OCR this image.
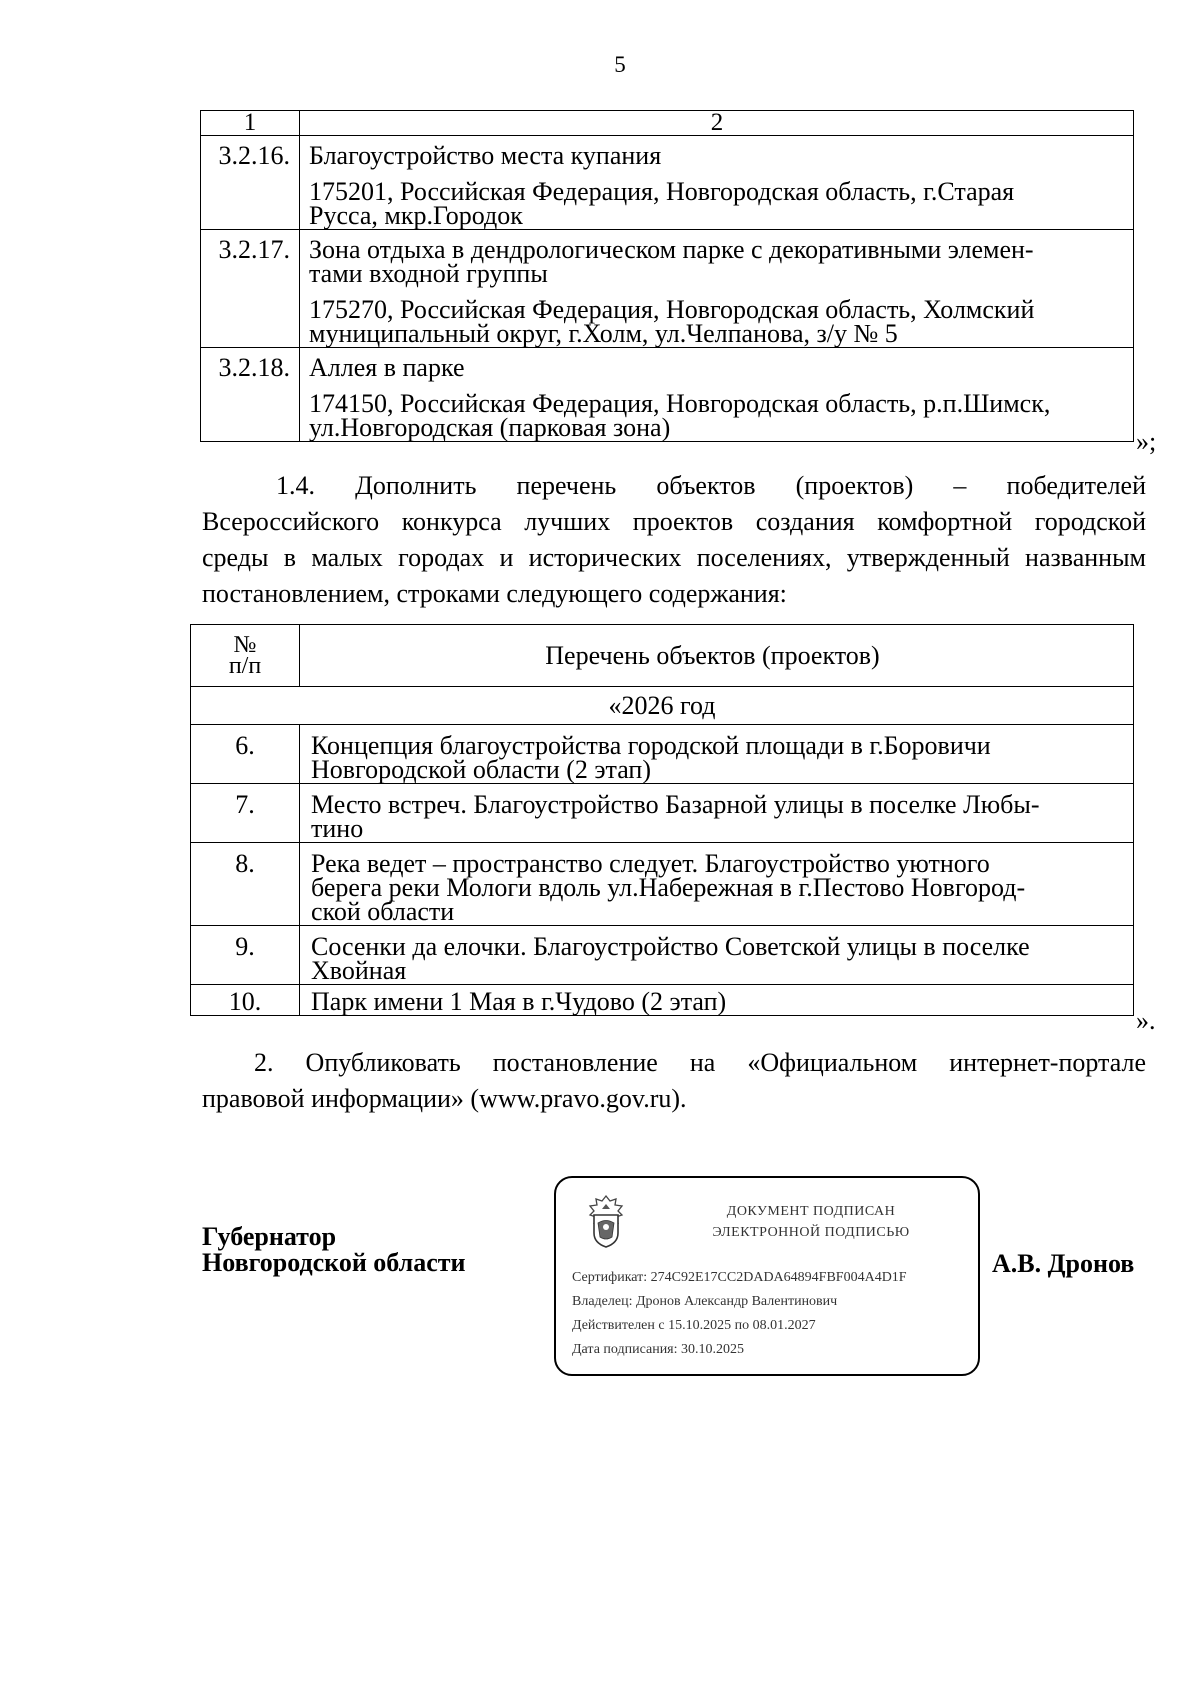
5
1	2

3.2.16.	Благоустройство места купания
175201, Российская Федерация, Новгородская область, г.Старая
Русса, мкр.Городок

3.2.17.	Зона отдыха в дендрологическом парке с декоративными элемен-
тами входной группы
175270, Российская Федерация, Новгородская область, Холмский
муниципальный округ, г.Холм, ул.Челпанова, з/у № 5

3.2.18.	Аллея в парке
174150, Российская Федерация, Новгородская область, р.п.Шимск,
ул.Новгородская (парковая зона)	»;
1.4. Дополнить перечень объектов (проектов) – победителей
Всероссийского конкурса лучших проектов создания комфортной городской
среды в малых городах и исторических поселениях, утвержденный названным
постановлением, строками следующего содержания:
№
п/п	Перечень объектов (проектов)
«2026 год	

6.	Концепция благоустройства городской площади в г.Боровичи
Новгородской области (2 этап)

7.	Место встреч. Благоустройство Базарной улицы в поселке Любы-
тино

8.	Река ведет – пространство следует. Благоустройство уютного
берега реки Мологи вдоль ул.Набережная в г.Пестово Новгород-
ской области

9.	Сосенки да елочки. Благоустройство Советской улицы в поселке
Хвойная

10.	Парк имени 1 Мая в г.Чудово (2 этап)
».
2. Опубликовать постановление на «Официальном интернет-портале
правовой информации» (www.pravo.gov.ru).
Губернатор
Новгородской области
ДОКУМЕНТ ПОДПИСАН
ЭЛЕКТРОННОЙ ПОДПИСЬЮ
Сертификат: 274C92E17CC2DADA64894FBF004A4D1F
Владелец: Дронов Александр Валентинович
Действителен с 15.10.2025 по 08.01.2027
Дата подписания: 30.10.2025
А.В. Дронов
